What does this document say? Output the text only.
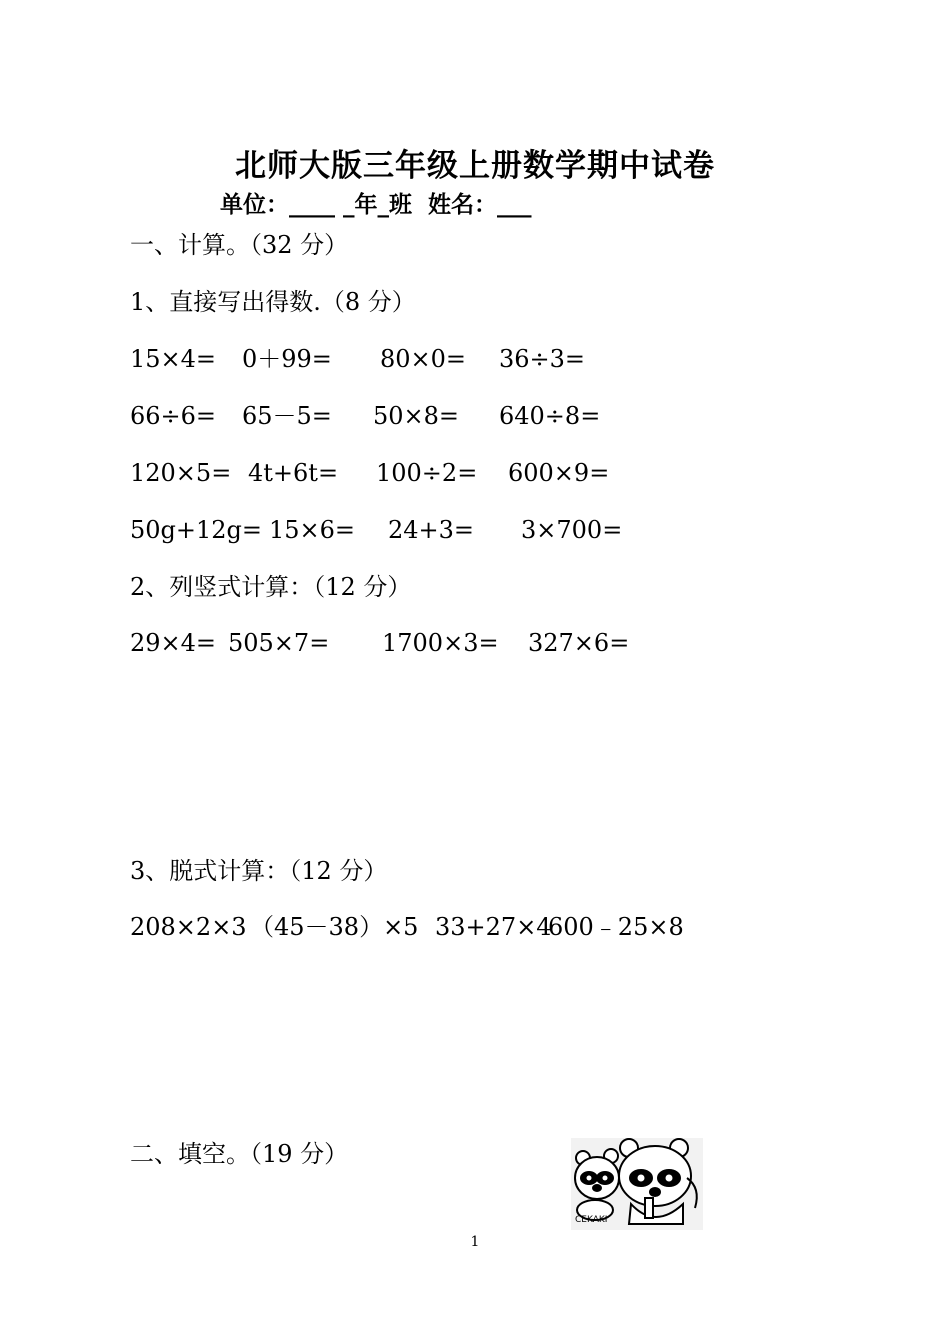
北师大版三年级上册数学期中试卷
单位：____ _年_班  姓名：___
一、计算。（32 分）
1、直接写出得数.（8 分）
15×4= 0＋99= 80×0= 36÷3=
66÷6= 65－5= 50×8= 640÷8=
120×5= 4t+6t= 100÷2= 600×9=
50g+12g= 15×6= 24+3= 3×700=
2、列竖式计算：（12 分）
29×4= 505×7= 1700×3= 327×6=
3、脱式计算：（12 分）
208×2×3 （45－38）×5 33+27×4
600﹣25×8
二、填空。（19 分）
CEKAKI
1
